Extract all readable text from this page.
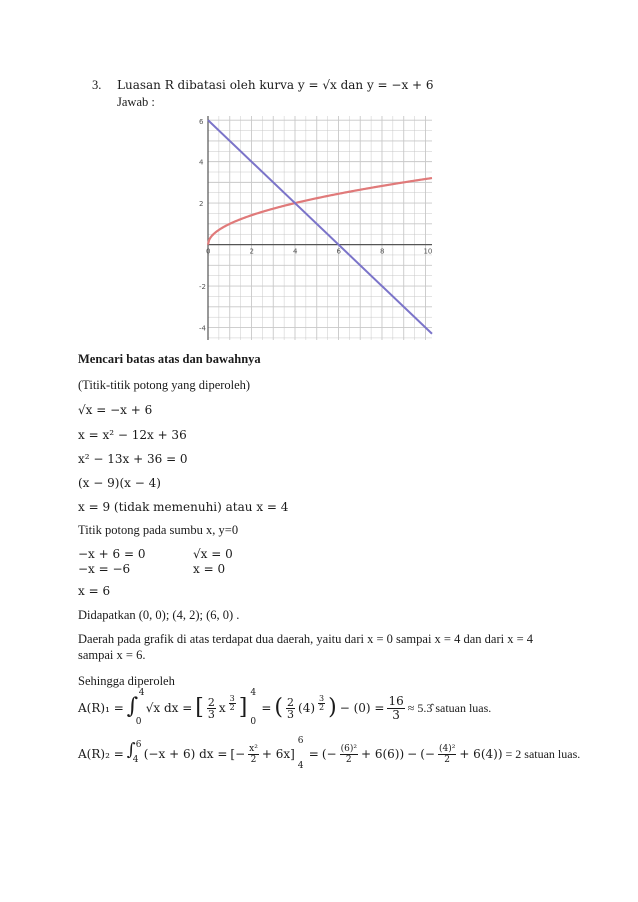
3. Luasan R dibatasi oleh kurva y = √x dan y = −x + 6
Jawab :
0	2	4	6	8	10
4
2
-2
-4
6
Mencari batas atas dan bawahnya
(Titik-titik potong yang diperoleh)
√x = −x + 6
x = x² − 12x + 36
x² − 13x + 36 = 0
(x − 9)(x − 4)
x = 9 (tidak memenuhi) atau x = 4
Titik potong pada sumbu x, y=0
−x + 6 = 0	√x = 0
−x = −6	x = 0
x = 6
Didapatkan (0, 0); (4, 2); (6, 0) .
Daerah pada grafik di atas terdapat dua daerah, yaitu dari x = 0 sampai x = 4 dan dari x = 4
sampai x = 6.
Sehingga diperoleh
A(R)₁ = ∫
4
0
√x dx = [ $\frac{2}{3}$ x $\frac{3}{2}$ ]
4
0
= ( $\frac{2}{3} (4) \frac{3}{2}$ ) − $(0) = \frac{16}{3}$ ≈ 5.3̂ satuan luas.
A(R)₂ = ∫ 6
4 (−x + 6) dx = [− $\frac{\text{x²}}{2} + 6x$]
6
4
= (− $\frac{\text{(6)²}}{2} + 6(6)$) − (− $\frac{\text{(4)²}}{2} + 6(4)) = 2$ satuan luas.
